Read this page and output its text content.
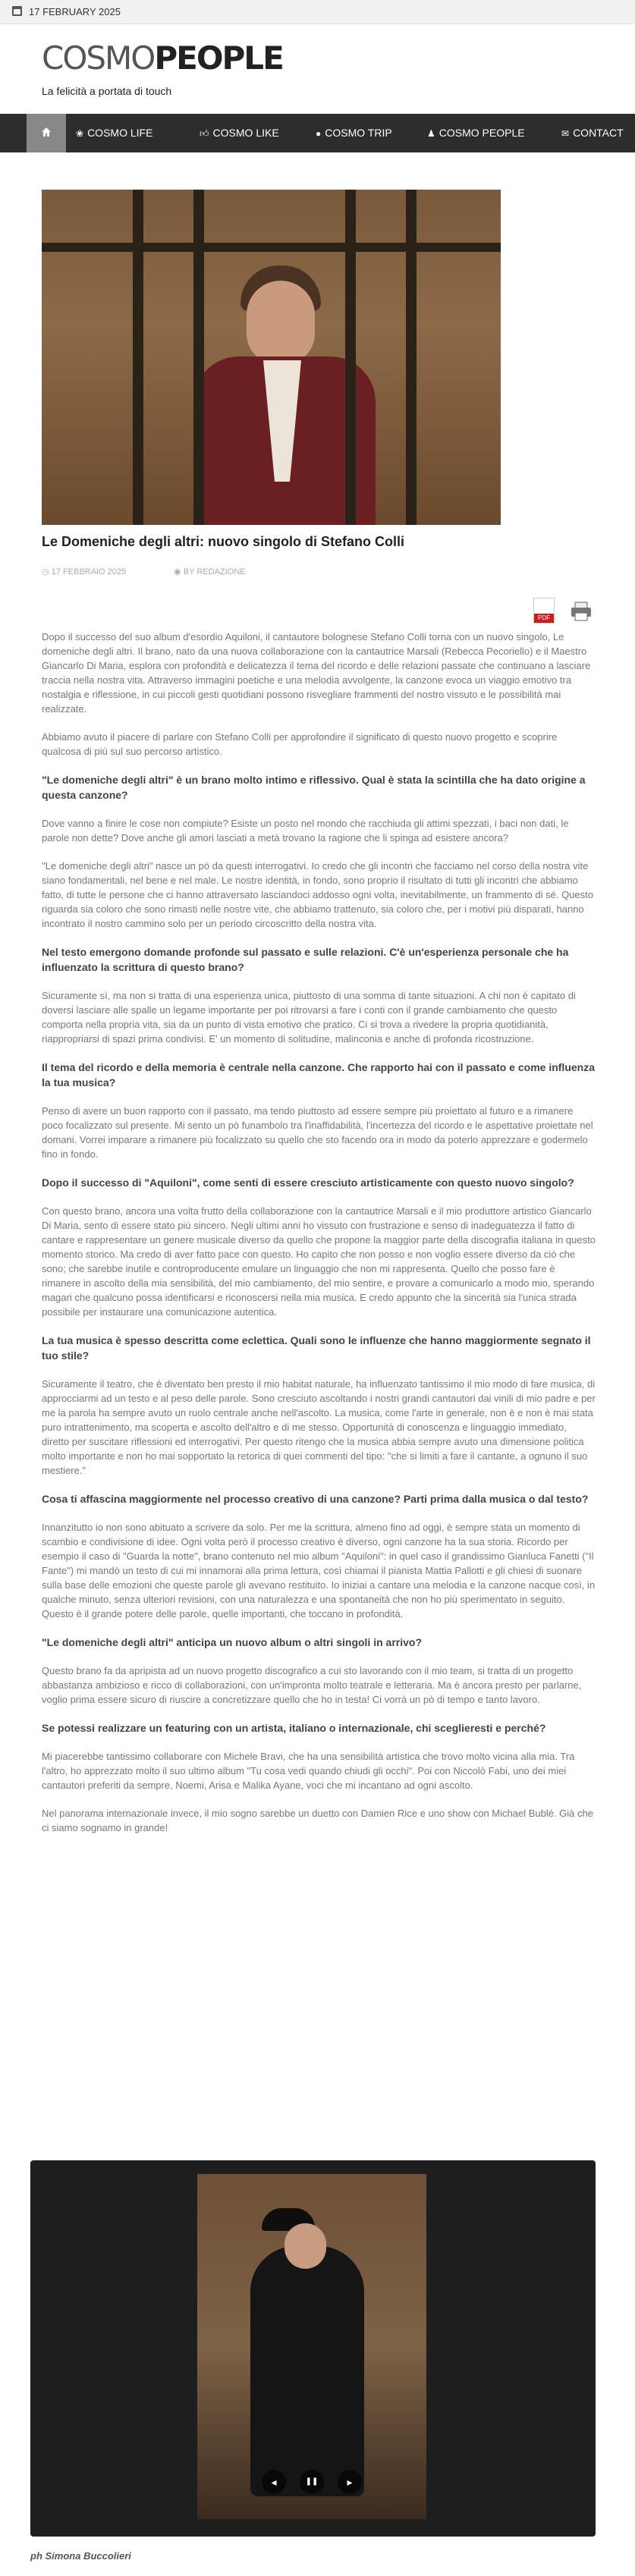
17 FEBRUARY 2025
COSMOPEOPLE
La felicità a portata di touch
❀ COSMO LIFE	👍︎ COSMO LIKE	● COSMO TRIP	♟ COSMO PEOPLE	✉ CONTACT
Le Domeniche degli altri: nuovo singolo di Stefano Colli
◷ 17 FEBBRAIO 2025	◉ BY REDAZIONE
PDF

Dopo il successo del suo album d'esordio Aquiloni, il cantautore bolognese Stefano Colli torna con un nuovo singolo, Le domeniche degli altri. Il brano, nato da una nuova collaborazione con la cantautrice Marsali (Rebecca Pecoriello) e il Maestro Giancarlo Di Maria, esplora con profondità e delicatezza il tema del ricordo e delle relazioni passate che continuano a lasciare traccia nella nostra vita. Attraverso immagini poetiche e una melodia avvolgente, la canzone evoca un viaggio emotivo tra nostalgia e riflessione, in cui piccoli gesti quotidiani possono risvegliare frammenti del nostro vissuto e le possibilità mai realizzate.

Abbiamo avuto il piacere di parlare con Stefano Colli per approfondire il significato di questo nuovo progetto e scoprire qualcosa di più sul suo percorso artistico.

"Le domeniche degli altri" è un brano molto intimo e riflessivo. Qual è stata la scintilla che ha dato origine a questa canzone?

Dove vanno a finire le cose non compiute? Esiste un posto nel mondo che racchiuda gli attimi spezzati, i baci non dati, le parole non dette? Dove anche gli amori lasciati a metà trovano la ragione che li spinga ad esistere ancora?

"Le domeniche degli altri" nasce un pò da questi interrogativi. Io credo che gli incontri che facciamo nel corso della nostra vite siano fondamentali, nel bene e nel male. Le nostre identità, in fondo, sono proprio il risultato di tutti gli incontri che abbiamo fatto, di tutte le persone che ci hanno attraversato lasciandoci addosso ogni volta, inevitabilmente, un frammento di sé. Questo riguarda sia coloro che sono rimasti nelle nostre vite, che abbiamo trattenuto, sia coloro che, per i motivi più disparati, hanno incontrato il nostro cammino solo per un periodo circoscritto della nostra vita.

Nel testo emergono domande profonde sul passato e sulle relazioni. C'è un'esperienza personale che ha influenzato la scrittura di questo brano?

Sicuramente sì, ma non si tratta di una esperienza unica, piuttosto di una somma di tante situazioni. A chi non è capitato di doversi lasciare alle spalle un legame importante per poi ritrovarsi a fare i conti con il grande cambiamento che questo comporta nella propria vita, sia da un punto di vista emotivo che pratico. Ci si trova a rivedere la propria quotidianità, riappropriarsi di spazi prima condivisi. E' un momento di solitudine, malinconia e anche di profonda ricostruzione.

Il tema del ricordo e della memoria è centrale nella canzone. Che rapporto hai con il passato e come influenza la tua musica?

Penso di avere un buon rapporto con il passato, ma tendo piuttosto ad essere sempre più proiettato al futuro e a rimanere poco focalizzato sul presente. Mi sento un pò funambolo tra l'inaffidabilità, l'incertezza del ricordo e le aspettative proiettate nel domani. Vorrei imparare a rimanere più focalizzato su quello che sto facendo ora in modo da poterlo apprezzare e godermelo fino in fondo.

Dopo il successo di "Aquiloni", come senti di essere cresciuto artisticamente con questo nuovo singolo?

Con questo brano, ancora una volta frutto della collaborazione con la cantautrice Marsali e il mio produttore artistico Giancarlo Di Maria, sento di essere stato più sincero. Negli ultimi anni ho vissuto con frustrazione e senso di inadeguatezza il fatto di cantare e rappresentare un genere musicale diverso da quello che propone la maggior parte della discografia italiana in questo momento storico. Ma credo di aver fatto pace con questo. Ho capito che non posso e non voglio essere diverso da ciò che sono; che sarebbe inutile e controproducente emulare un linguaggio che non mi rappresenta. Quello che posso fare è rimanere in ascolto della mia sensibilità, del mio cambiamento, del mio sentire, e provare a comunicarlo a modo mio, sperando magari che qualcuno possa identificarsi e riconoscersi nella mia musica. E credo appunto che la sincerità sia l'unica strada possibile per instaurare una comunicazione autentica.

La tua musica è spesso descritta come eclettica. Quali sono le influenze che hanno maggiormente segnato il tuo stile?

Sicuramente il teatro, che è diventato ben presto il mio habitat naturale, ha influenzato tantissimo il mio modo di fare musica, di approcciarmi ad un testo e al peso delle parole. Sono cresciuto ascoltando i nostri grandi cantautori dai vinili di mio padre e per me la parola ha sempre avuto un ruolo centrale anche nell'ascolto. La musica, come l'arte in generale, non è e non è mai stata puro intrattenimento, ma scoperta e ascolto dell'altro e di me stesso. Opportunità di conoscenza e linguaggio immediato, diretto per suscitare riflessioni ed interrogativi. Per questo ritengo che la musica abbia sempre avuto una dimensione politica molto importante e non ho mai sopportato la retorica di quei commenti del tipo: "che si limiti a fare il cantante, a ognuno il suo mestiere."

Cosa ti affascina maggiormente nel processo creativo di una canzone? Parti prima dalla musica o dal testo?

Innanzitutto io non sono abituato a scrivere da solo. Per me la scrittura, almeno fino ad oggi, è sempre stata un momento di scambio e condivisione di idee. Ogni volta però il processo creativo è diverso, ogni canzone ha la sua storia. Ricordo per esempio il caso di "Guarda la notte", brano contenuto nel mio album "Aquiloni": in quel caso il grandissimo Gianluca Fanetti ("Il Fante") mi mandò un testo di cui mi innamorai alla prima lettura, così chiamai il pianista Mattia Pallotti e gli chiesi di suonare sulla base delle emozioni che queste parole gli avevano restituito. Io iniziai a cantare una melodia e la canzone nacque così, in qualche minuto, senza ulteriori revisioni, con una naturalezza e una spontaneità che non ho più sperimentato in seguito. Questo è il grande potere delle parole, quelle importanti, che toccano in profondità.

"Le domeniche degli altri" anticipa un nuovo album o altri singoli in arrivo?

Questo brano fa da apripista ad un nuovo progetto discografico a cui sto lavorando con il mio team, si tratta di un progetto abbastanza ambizioso e ricco di collaborazioni, con un'impronta molto teatrale e letteraria. Ma è ancora presto per parlarne, voglio prima essere sicuro di riuscire a concretizzare quello che ho in testa! Ci vorrà un pò di tempo e tanto lavoro.

Se potessi realizzare un featuring con un artista, italiano o internazionale, chi sceglieresti e perché?

Mi piacerebbe tantissimo collaborare con Michele Bravi, che ha una sensibilità artistica che trovo molto vicina alla mia. Tra l'altro, ho apprezzato molto il suo ultimo album "Tu cosa vedi quando chiudi gli occhi". Poi con Niccolò Fabi, uno dei miei cantautori preferiti da sempre, Noemi, Arisa e Malika Ayane, voci che mi incantano ad ogni ascolto.

Nel panorama internazionale invece, il mio sogno sarebbe un duetto con Damien Rice e uno show con Michael Bublé. Già che ci siamo sognamo in grande!

◂	❚❚	▸
ph Simona Buccolieri
